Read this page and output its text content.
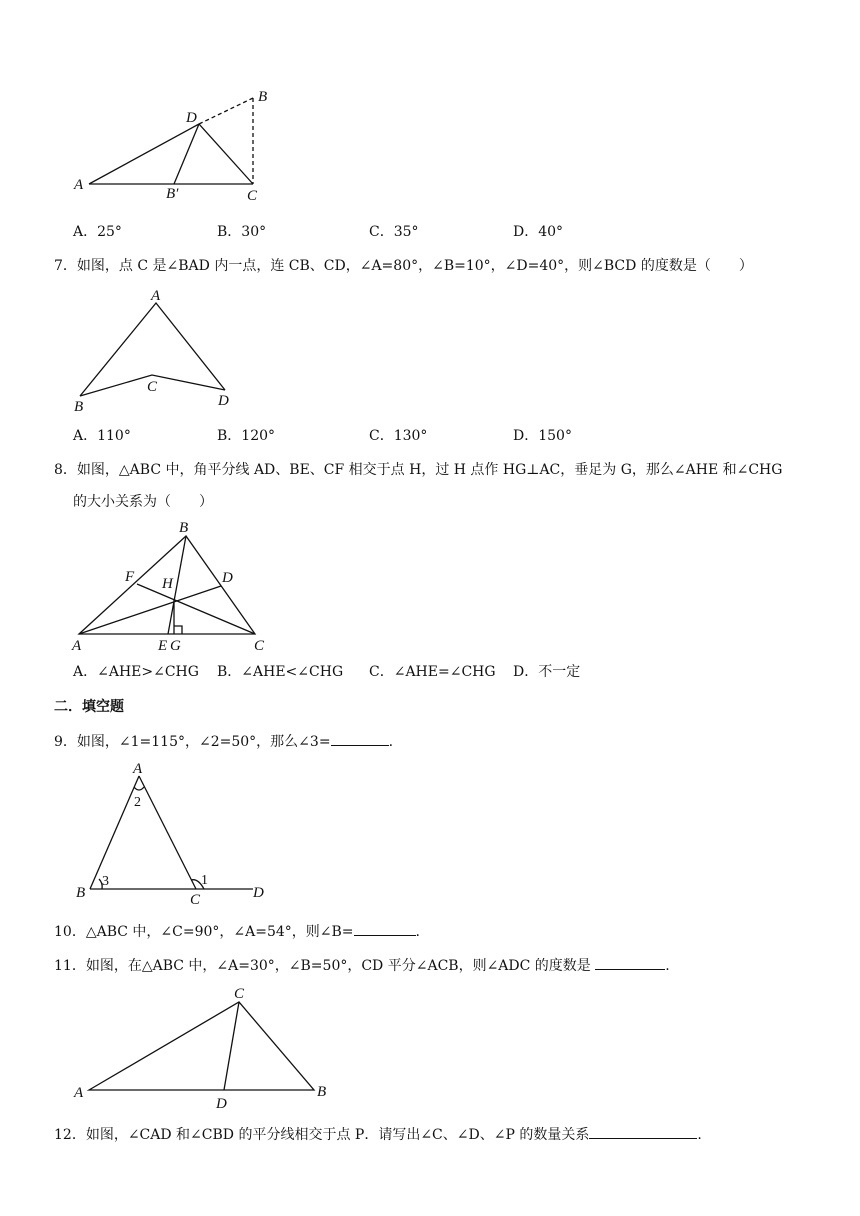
A
D
B
C
B′
A
C
B	D
B
F H	D
A	E G	C
A
B	C	D
2
3	1
C
A	B
D
A．25°	B．30°	C．35°	D．40°
7．如图，点 C 是∠BAD 内一点，连 CB、CD，∠A=80°，∠B=10°，∠D=40°，则∠BCD 的度数是（　　）
A．110°	B．120°	C．130°	D．150°
8．如图，△ABC 中，角平分线 AD、BE、CF 相交于点 H，过 H 点作 HG⊥AC，垂足为 G，那么∠AHE 和∠CHG
的大小关系为（　　）
A．∠AHE>∠CHG B．∠AHE<∠CHG C．∠AHE=∠CHG D．不一定
二．填空题
9．如图，∠1=115°，∠2=50°，那么∠3=	.
10．△ABC 中，∠C=90°，∠A=54°，则∠B=	.
11．如图，在△ABC 中，∠A=30°，∠B=50°，CD 平分∠ACB，则∠ADC 的度数是	.
12．如图，∠CAD 和∠CBD 的平分线相交于点 P．请写出∠C、∠D、∠P 的数量关系	.
